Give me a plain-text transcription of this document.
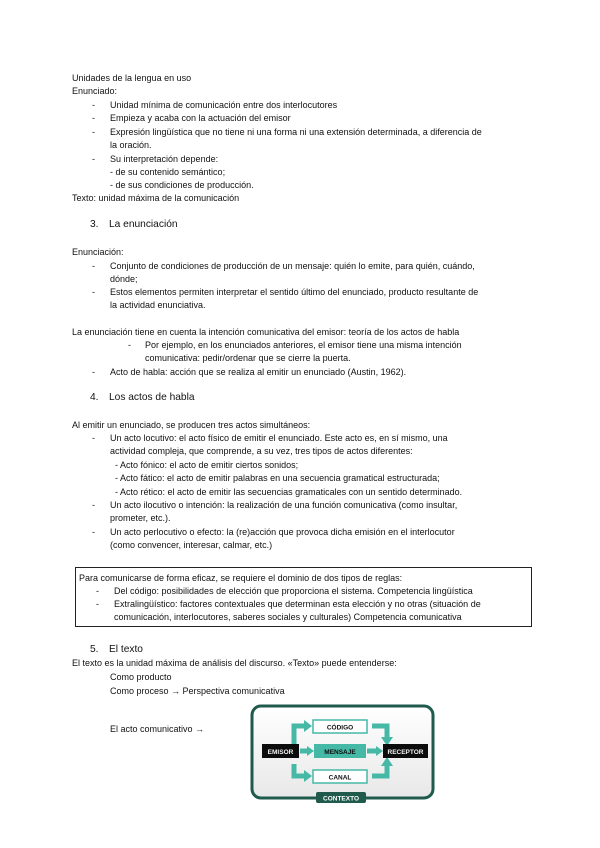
Unidades de la lengua en uso
Enunciado:
- Unidad mínima de comunicación entre dos interlocutores
- Empieza y acaba con la actuación del emisor
- Expresión lingüística que no tiene ni una forma ni una extensión determinada, a diferencia de
la oración.
- Su interpretación depende:
- de su contenido semántico;
- de sus condiciones de producción.
Texto: unidad máxima de la comunicación
3. La enunciación
Enunciación:
- Conjunto de condiciones de producción de un mensaje: quién lo emite, para quién, cuándo,
dónde;
- Estos elementos permiten interpretar el sentido último del enunciado, producto resultante de
la actividad enunciativa.
La enunciación tiene en cuenta la intención comunicativa del emisor: teoría de los actos de habla
- Por ejemplo, en los enunciados anteriores, el emisor tiene una misma intención
comunicativa: pedir/ordenar que se cierre la puerta.
- Acto de habla: acción que se realiza al emitir un enunciado (Austin, 1962).
4. Los actos de habla
Al emitir un enunciado, se producen tres actos simultáneos:
- Un acto locutivo: el acto físico de emitir el enunciado. Este acto es, en sí mismo, una
actividad compleja, que comprende, a su vez, tres tipos de actos diferentes:
- Acto fónico: el acto de emitir ciertos sonidos;
- Acto fático: el acto de emitir palabras en una secuencia gramatical estructurada;
- Acto rético: el acto de emitir las secuencias gramaticales con un sentido determinado.
- Un acto ilocutivo o intención: la realización de una función comunicativa (como insultar,
prometer, etc.).
- Un acto perlocutivo o efecto: la (re)acción que provoca dicha emisión en el interlocutor
(como convencer, interesar, calmar, etc.)
Para comunicarse de forma eficaz, se requiere el dominio de dos tipos de reglas:
- Del código: posibilidades de elección que proporciona el sistema. Competencia lingüística
- Extralingüístico: factores contextuales que determinan esta elección y no otras (situación de
comunicación, interlocutores, saberes sociales y culturales) Competencia comunicativa
5. El texto
El texto es la unidad máxima de análisis del discurso. «Texto» puede entenderse:
Como producto
Como proceso → Perspectiva comunicativa
El acto comunicativo →	CÓDIGO
EMISOR	MENSAJE	RECEPTOR
CANAL
CONTEXTO
